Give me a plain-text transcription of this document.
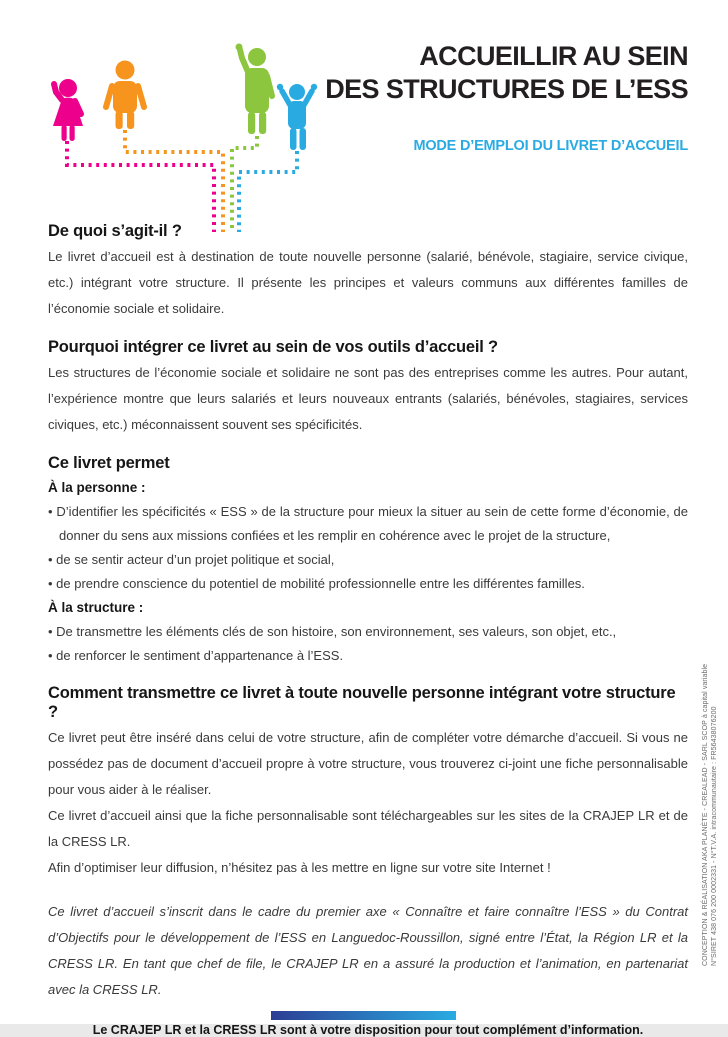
ACCUEILLIR AU SEIN
DES STRUCTURES DE L’ESS
MODE D’EMPLOI DU LIVRET D’ACCUEIL
De quoi s’agit-il ?

Le livret d’accueil est à destination de toute nouvelle personne (salarié, bénévole, stagiaire, service civique, etc.) intégrant votre structure. Il présente les principes et valeurs communs aux différentes familles de l’économie sociale et solidaire.

Pourquoi intégrer ce livret au sein de vos outils d’accueil ?

Les structures de l’économie sociale et solidaire ne sont pas des entreprises comme les autres. Pour autant, l’expérience montre que leurs salariés et leurs nouveaux entrants (salariés, bénévoles, stagiaires, services civiques, etc.) méconnaissent souvent ses spécificités.

Ce livret permet

À la personne :

• D’identifier les spécificités « ESS » de la structure pour mieux la situer au sein de cette forme d’économie, de donner du sens aux missions confiées et les remplir en cohérence avec le projet de la structure,
• de se sentir acteur d’un projet politique et social,
• de prendre conscience du potentiel de mobilité professionnelle entre les différentes familles.

À la structure :

• De transmettre les éléments clés de son histoire, son environnement, ses valeurs, son objet, etc.,
• de renforcer le sentiment d’appartenance à l’ESS.
Comment transmettre ce livret à toute nouvelle personne intégrant votre structure ?

Ce livret peut être inséré dans celui de votre structure, afin de compléter votre démarche d’accueil. Si vous ne possédez pas de document d’accueil propre à votre structure, vous trouverez ci-joint une fiche personnalisable pour vous aider à le réaliser.

Ce livret d’accueil ainsi que la fiche personnalisable sont téléchargeables sur les sites de la CRAJEP LR et de la CRESS LR.

Afin d’optimiser leur diffusion, n’hésitez pas à les mettre en ligne sur votre site Internet !

Ce livret d’accueil s’inscrit dans le cadre du premier axe « Connaître et faire connaître l’ESS » du Contrat d’Objectifs pour le développement de l’ESS en Languedoc-Roussillon, signé entre l’État, la Région LR et la CRESS LR. En tant que chef de file, le CRAJEP LR en a assuré la production et l’animation, en partenariat avec la CRESS LR.

Le CRAJEP LR et la CRESS LR sont à votre disposition pour tout complément d’information.

CONCEPTION & RÉALISATION AKA PLANÈTE - CREALEAD - SARL SCOP à capital variable N°SIRET 438 076 200 0002331 - N°T.V.A. intracommunautaire : FR56438076200
